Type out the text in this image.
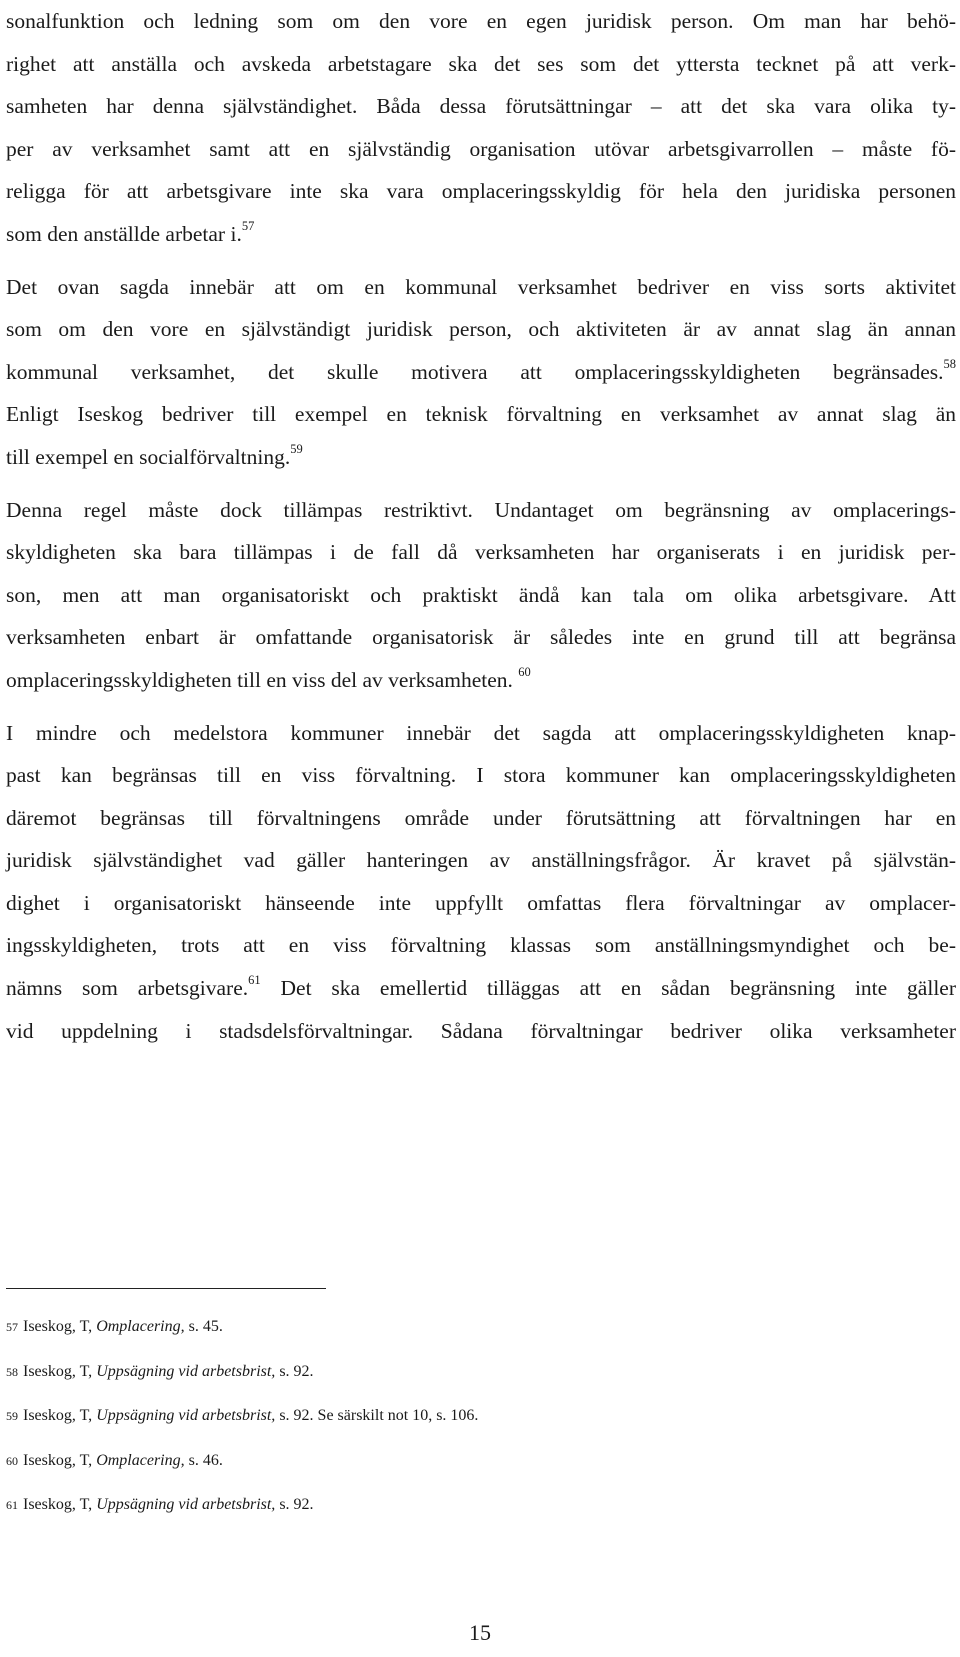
sonalfunktion och ledning som om den vore en egen juridisk person. Om man har behö-
righet att anställa och avskeda arbetstagare ska det ses som det yttersta tecknet på att verk-
samheten har denna självständighet. Båda dessa förutsättningar – att det ska vara olika ty-
per av verksamhet samt att en självständig organisation utövar arbetsgivarrollen – måste fö-
religga för att arbetsgivare inte ska vara omplaceringsskyldig för hela den juridiska personen
som den anställde arbetar i.$^{57}$
Det ovan sagda innebär att om en kommunal verksamhet bedriver en viss sorts aktivitet
som om den vore en självständigt juridisk person, och aktiviteten är av annat slag än annan
kommunal verksamhet, det skulle motivera att omplaceringsskyldigheten begränsades.$^{58}$
Enligt Iseskog bedriver till exempel en teknisk förvaltning en verksamhet av annat slag än
till exempel en socialförvaltning.$^{59}$
Denna regel måste dock tillämpas restriktivt. Undantaget om begränsning av omplacerings-
skyldigheten ska bara tillämpas i de fall då verksamheten har organiserats i en juridisk per-
son, men att man organisatoriskt och praktiskt ändå kan tala om olika arbetsgivare. Att
verksamheten enbart är omfattande organisatorisk är således inte en grund till att begränsa
omplaceringsskyldigheten till en viss del av verksamheten. $^{60}$
I mindre och medelstora kommuner innebär det sagda att omplaceringsskyldigheten knap-
past kan begränsas till en viss förvaltning. I stora kommuner kan omplaceringsskyldigheten
däremot begränsas till förvaltningens område under förutsättning att förvaltningen har en
juridisk självständighet vad gäller hanteringen av anställningsfrågor. Är kravet på självstän-
dighet i organisatoriskt hänseende inte uppfyllt omfattas flera förvaltningar av omplacer-
ingsskyldigheten, trots att en viss förvaltning klassas som anställningsmyndighet och be-
nämns som arbetsgivare.$^{61}$ Det ska emellertid tilläggas att en sådan begränsning inte gäller
vid uppdelning i stadsdelsförvaltningar. Sådana förvaltningar bedriver olika verksamheter
57 Iseskog, T, Omplacering, s. 45.
58 Iseskog, T, Uppsägning vid arbetsbrist, s. 92.
59 Iseskog, T, Uppsägning vid arbetsbrist, s. 92. Se särskilt not 10, s. 106.
60 Iseskog, T, Omplacering, s. 46.
61 Iseskog, T, Uppsägning vid arbetsbrist, s. 92.
15
